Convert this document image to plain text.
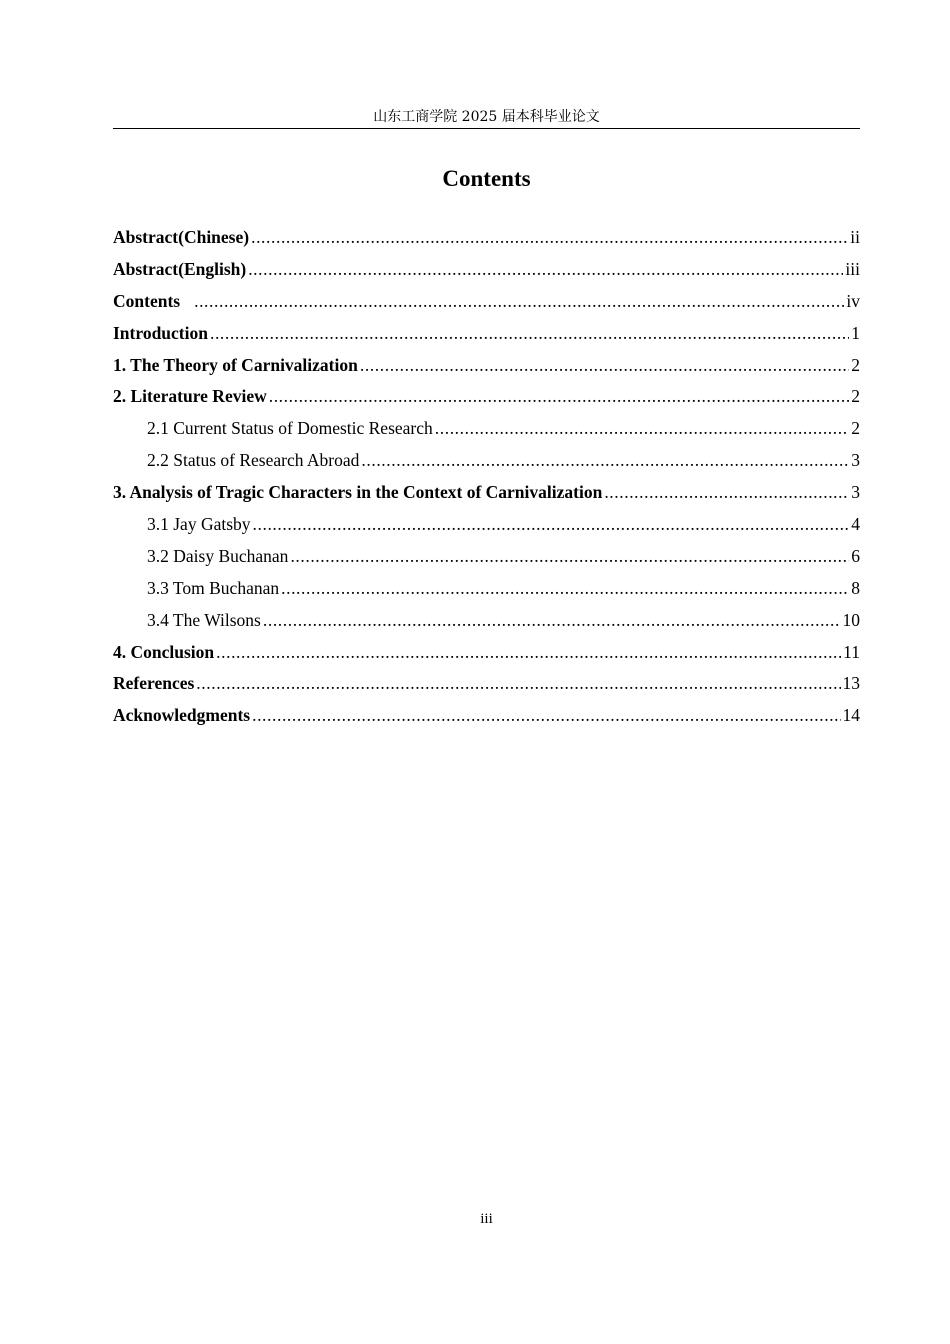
山东工商学院 2025 届本科毕业论文
Contents
Abstract(Chinese) .....	ii
Abstract(English) .....	iii
Contents .....	iv
Introduction .....	1
1. The Theory of Carnivalization .....	2
2. Literature Review .....	2
2.1 Current Status of Domestic Research .....	2
2.2 Status of Research Abroad .....	3
3. Analysis of Tragic Characters in the Context of Carnivalization .....	3
3.1 Jay Gatsby .....	4
3.2 Daisy Buchanan .....	6
3.3 Tom Buchanan .....	8
3.4 The Wilsons .....	10
4. Conclusion .....	11
References .....	13
Acknowledgments .....	14
iii
